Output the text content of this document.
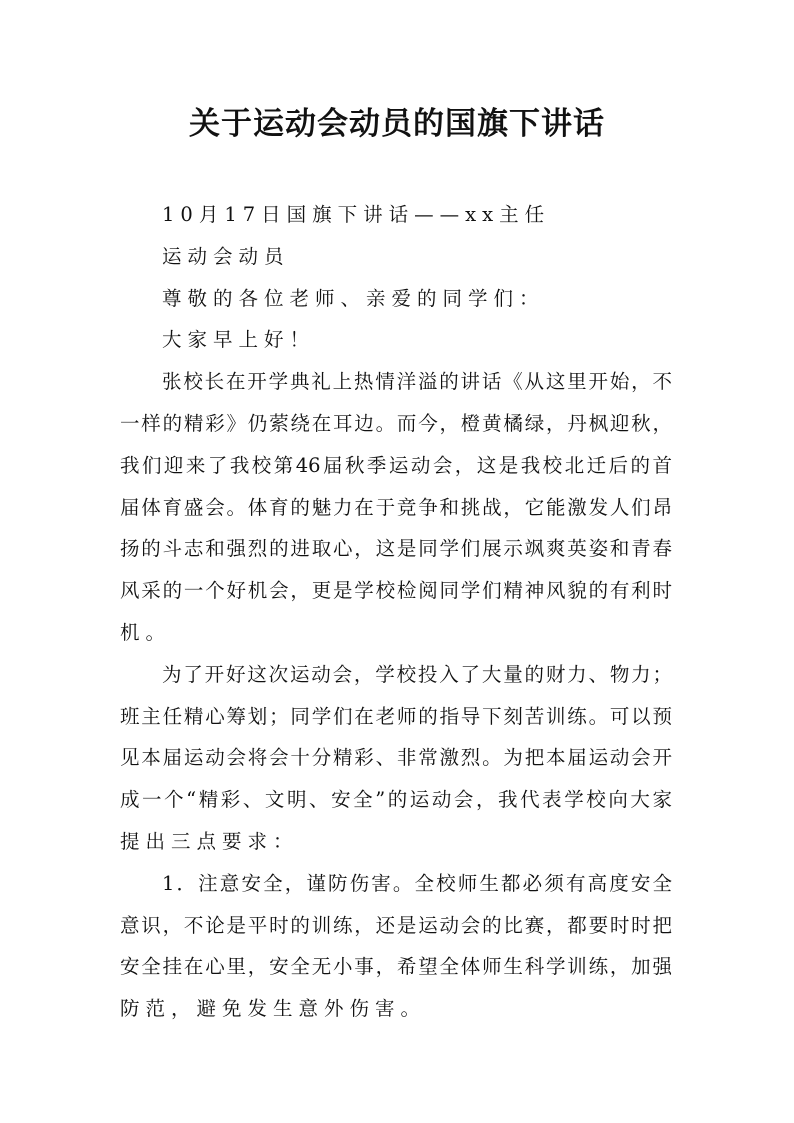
关于运动会动员的国旗下讲话
10月17日国旗下讲话——xx主任
运动会动员
尊敬的各位老师、亲爱的同学们：
大家早上好！
张校长在开学典礼上热情洋溢的讲话《从这里开始，不
一样的精彩》仍萦绕在耳边。而今，橙黄橘绿，丹枫迎秋，
我们迎来了我校第46届秋季运动会，这是我校北迁后的首
届体育盛会。体育的魅力在于竞争和挑战，它能激发人们昂
扬的斗志和强烈的进取心，这是同学们展示飒爽英姿和青春
风采的一个好机会，更是学校检阅同学们精神风貌的有利时
机。
为了开好这次运动会，学校投入了大量的财力、物力；
班主任精心筹划；同学们在老师的指导下刻苦训练。可以预
见本届运动会将会十分精彩、非常激烈。为把本届运动会开
成一个“精彩、文明、安全”的运动会，我代表学校向大家
提出三点要求：
1．注意安全，谨防伤害。全校师生都必须有高度安全
意识，不论是平时的训练，还是运动会的比赛，都要时时把
安全挂在心里，安全无小事，希望全体师生科学训练，加强
防范，避免发生意外伤害。
